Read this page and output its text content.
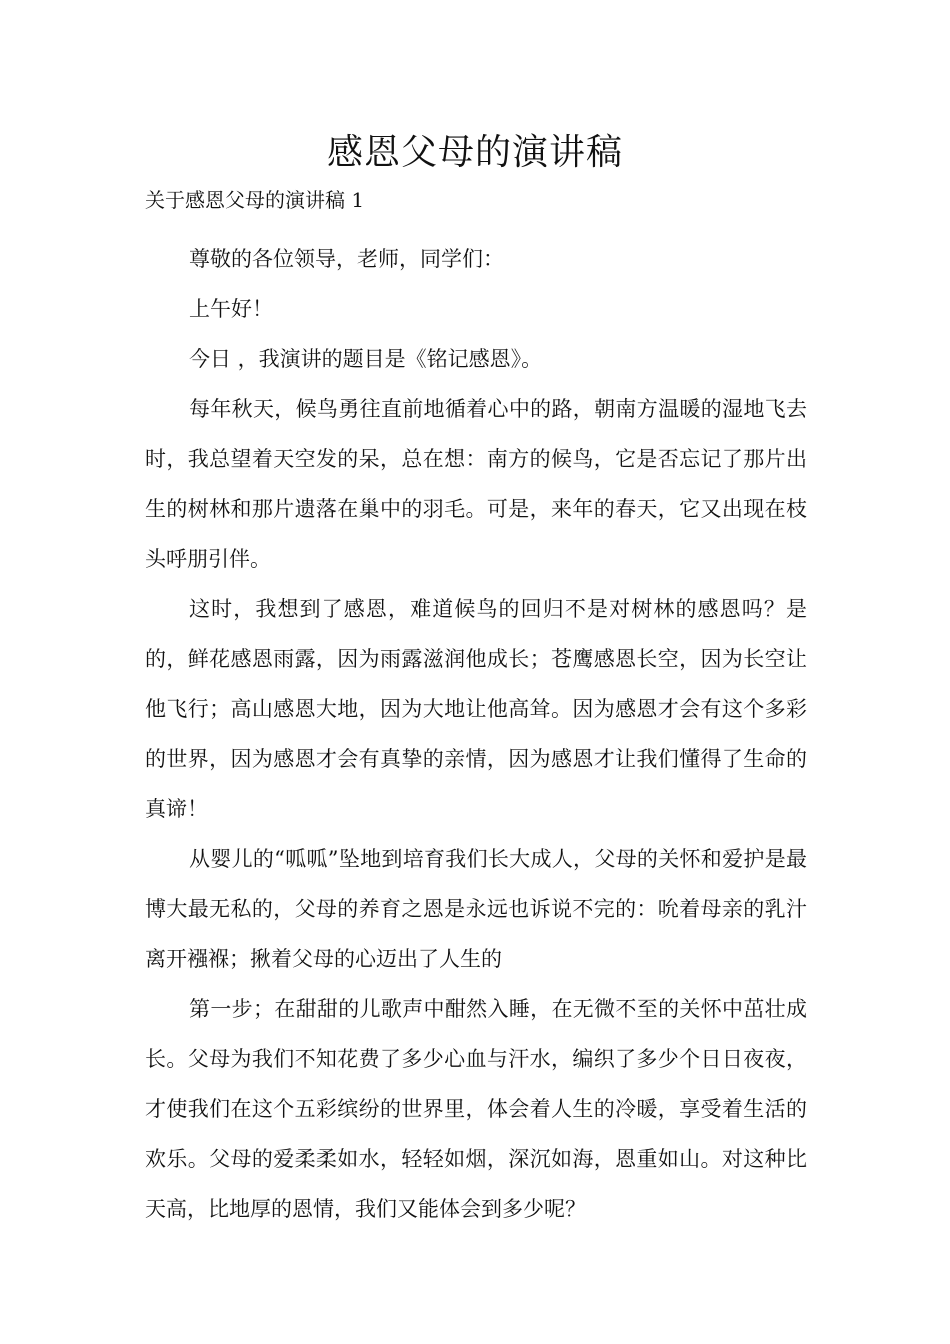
感恩父母的演讲稿

关于感恩父母的演讲稿 1

尊敬的各位领导，老师，同学们：

上午好！

今日 ，我演讲的题目是《铭记感恩》。

每年秋天，候鸟勇往直前地循着心中的路，朝南方温暖的湿地飞去时，我总望着天空发的呆，总在想：南方的候鸟，它是否忘记了那片出生的树林和那片遗落在巢中的羽毛。可是，来年的春天，它又出现在枝头呼朋引伴。

这时，我想到了感恩，难道候鸟的回归不是对树林的感恩吗？是的，鲜花感恩雨露，因为雨露滋润他成长；苍鹰感恩长空，因为长空让他飞行；高山感恩大地，因为大地让他高耸。因为感恩才会有这个多彩的世界，因为感恩才会有真挚的亲情，因为感恩才让我们懂得了生命的真谛！

从婴儿的“呱呱”坠地到培育我们长大成人，父母的关怀和爱护是最博大最无私的，父母的养育之恩是永远也诉说不完的：吮着母亲的乳汁离开襁褓；揪着父母的心迈出了人生的

第一步；在甜甜的儿歌声中酣然入睡，在无微不至的关怀中茁壮成长。父母为我们不知花费了多少心血与汗水，编织了多少个日日夜夜，才使我们在这个五彩缤纷的世界里，体会着人生的冷暖，享受着生活的欢乐。父母的爱柔柔如水，轻轻如烟，深沉如海，恩重如山。对这种比天高，比地厚的恩情，我们又能体会到多少呢？
